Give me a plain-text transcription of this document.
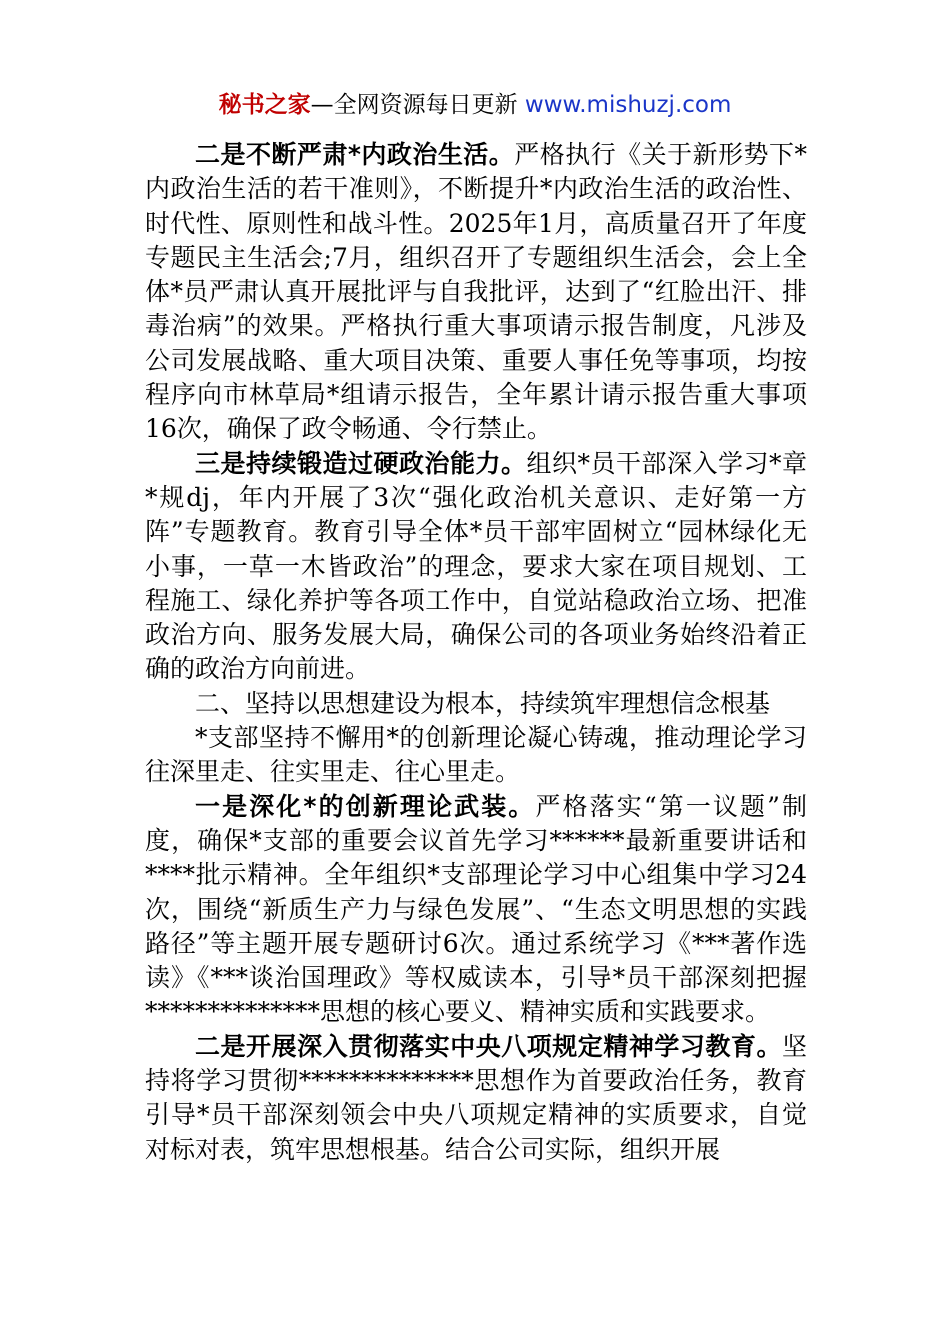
秘书之家—全网资源每日更新 www.mishuzj.com

二是不断严肃*内政治生活。严格执行《关于新形势下*内政治生活的若干准则》，不断提升*内政治生活的政治性、时代性、原则性和战斗性。2025年1月，高质量召开了年度专题民主生活会;7月，组织召开了专题组织生活会，会上全体*员严肃认真开展批评与自我批评，达到了“红脸出汗、排毒治病”的效果。严格执行重大事项请示报告制度，凡涉及公司发展战略、重大项目决策、重要人事任免等事项，均按程序向市林草局*组请示报告，全年累计请示报告重大事项16次，确保了政令畅通、令行禁止。

三是持续锻造过硬政治能力。组织*员干部深入学习*章*规dj，年内开展了3次“强化政治机关意识、走好第一方阵”专题教育。教育引导全体*员干部牢固树立“园林绿化无小事，一草一木皆政治”的理念，要求大家在项目规划、工程施工、绿化养护等各项工作中，自觉站稳政治立场、把准政治方向、服务发展大局，确保公司的各项业务始终沿着正确的政治方向前进。

二、坚持以思想建设为根本，持续筑牢理想信念根基

*支部坚持不懈用*的创新理论凝心铸魂，推动理论学习往深里走、往实里走、往心里走。

一是深化*的创新理论武装。严格落实“第一议题”制度，确保*支部的重要会议首先学习******最新重要讲话和****批示精神。全年组织*支部理论学习中心组集中学习24次，围绕“新质生产力与绿色发展”、“生态文明思想的实践路径”等主题开展专题研讨6次。通过系统学习《***著作选读》《***谈治国理政》等权威读本，引导*员干部深刻把握**************思想的核心要义、精神实质和实践要求。

二是开展深入贯彻落实中央八项规定精神学习教育。坚持将学习贯彻**************思想作为首要政治任务，教育引导*员干部深刻领会中央八项规定精神的实质要求，自觉对标对表，筑牢思想根基。结合公司实际，组织开展
